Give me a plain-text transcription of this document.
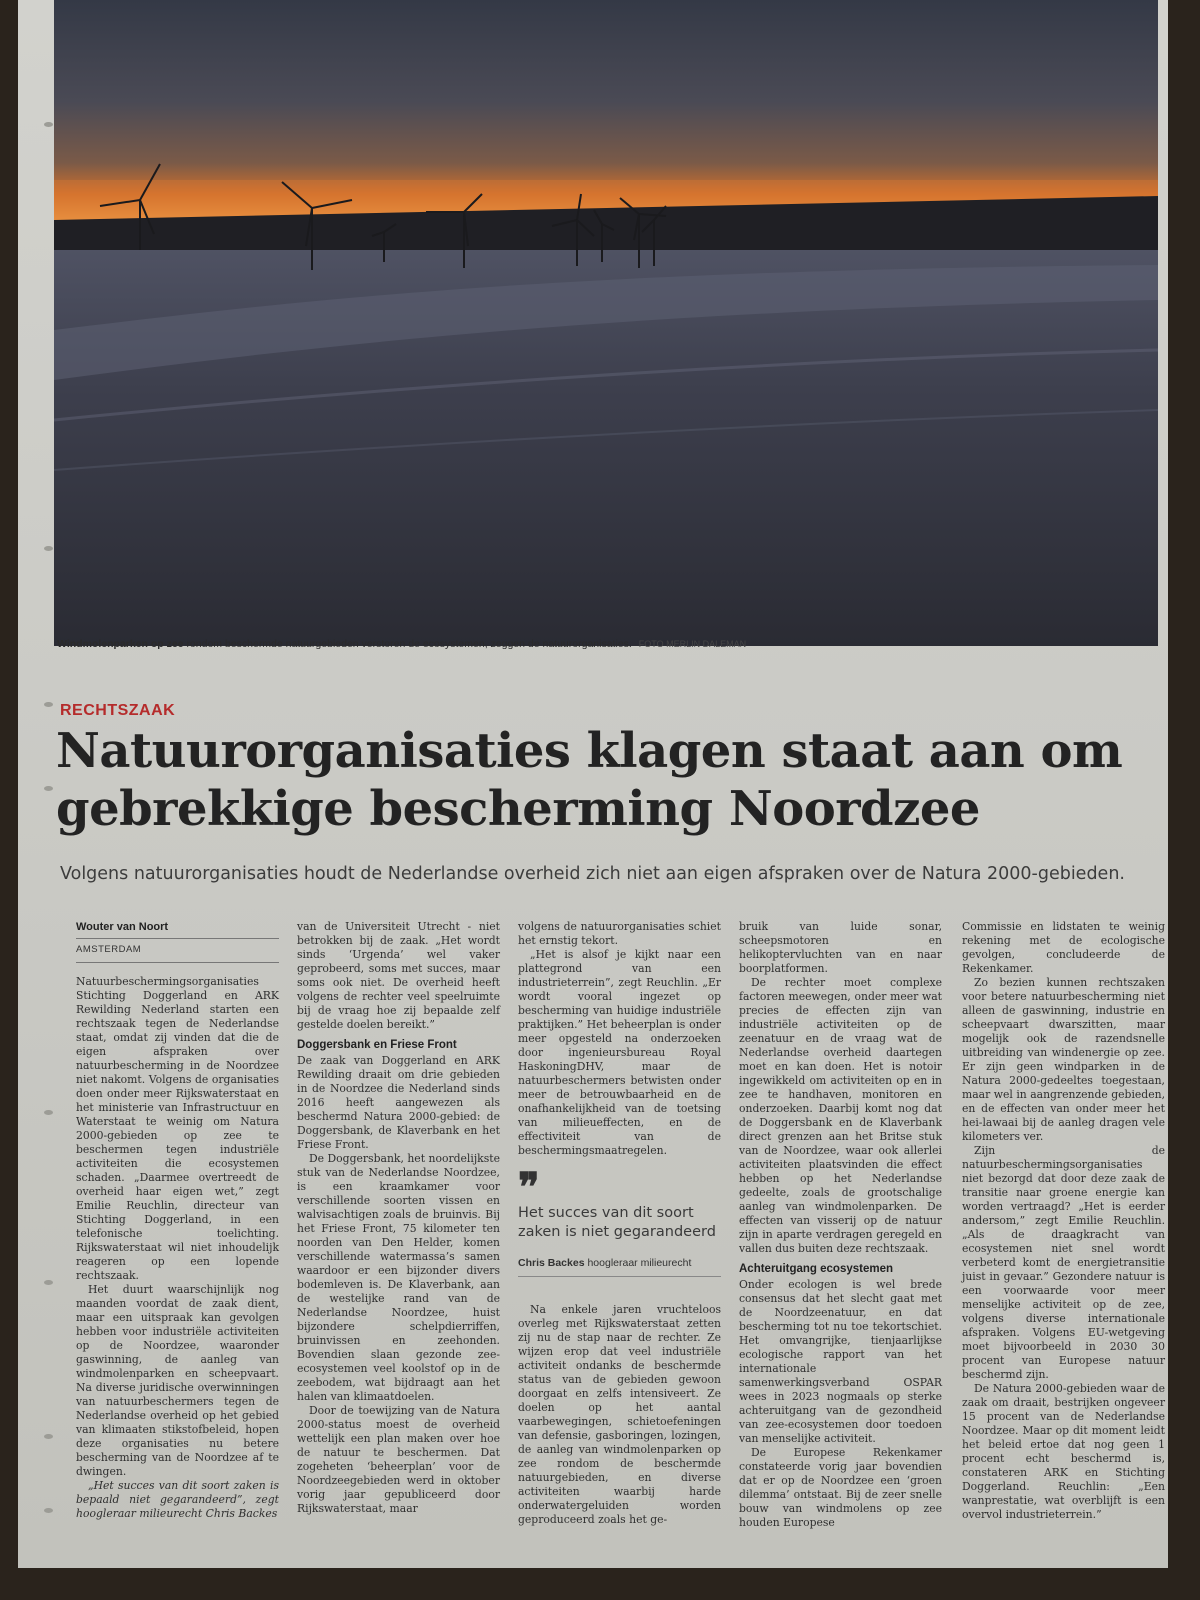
Windmolenparken op zee rondom beschermde natuurgebieden verstoren de ecosystemen, zeggen de natuurorganisaties. FOTO MERLIN DALEMAN
RECHTSZAAK
Natuurorganisaties klagen staat aan om gebrekkige bescherming Noordzee

Volgens natuurorganisaties houdt de Nederlandse overheid zich niet aan eigen afspraken over de Natura 2000-gebieden.

Wouter van Noort
AMSTERDAM

Natuurbeschermingsorganisaties Stichting Doggerland en ARK Rewilding Nederland starten een rechtszaak tegen de Nederlandse staat, omdat zij vinden dat die de eigen afspraken over natuurbescherming in de Noordzee niet nakomt. Volgens de organisaties doen onder meer Rijkswaterstaat en het ministerie van Infrastructuur en Waterstaat te weinig om Natura 2000-gebieden op zee te beschermen tegen industriële activiteiten die ecosystemen schaden. „Daarmee overtreedt de overheid haar eigen wet,” zegt Emilie Reuchlin, directeur van Stichting Doggerland, in een telefonische toelichting. Rijkswaterstaat wil niet inhoudelijk reageren op een lopende rechtszaak.

Het duurt waarschijnlijk nog maanden voordat de zaak dient, maar een uitspraak kan gevolgen hebben voor industriële activiteiten op de Noordzee, waaronder gaswinning, de aanleg van windmolenparken en scheepvaart. Na diverse juridische overwinningen van natuurbeschermers tegen de Nederlandse overheid op het gebied van klimaaten stikstofbeleid, hopen deze organisaties nu betere bescherming van de Noordzee af te dwingen.

„Het succes van dit soort zaken is bepaald niet gegarandeerd”, zegt hoogleraar milieurecht Chris Backes

van de Universiteit Utrecht - niet betrokken bij de zaak. „Het wordt sinds ‘Urgenda’ wel vaker geprobeerd, soms met succes, maar soms ook niet. De overheid heeft volgens de rechter veel speelruimte bij de vraag hoe zij bepaalde zelf gestelde doelen bereikt.”

Doggersbank en Friese Front

De zaak van Doggerland en ARK Rewilding draait om drie gebieden in de Noordzee die Nederland sinds 2016 heeft aangewezen als beschermd Natura 2000-gebied: de Doggersbank, de Klaverbank en het Friese Front.

De Doggersbank, het noordelijkste stuk van de Nederlandse Noordzee, is een kraamkamer voor verschillende soorten vissen en walvisachtigen zoals de bruinvis. Bij het Friese Front, 75 kilometer ten noorden van Den Helder, komen verschillende watermassa’s samen waardoor er een bijzonder divers bodemleven is. De Klaverbank, aan de westelijke rand van de Nederlandse Noordzee, huist bijzondere schelpdierriffen, bruinvissen en zeehonden. Bovendien slaan gezonde zee-ecosystemen veel koolstof op in de zeebodem, wat bijdraagt aan het halen van klimaatdoelen.

Door de toewijzing van de Natura 2000-status moest de overheid wettelijk een plan maken over hoe de natuur te beschermen. Dat zogeheten ‘beheerplan’ voor de Noordzeegebieden werd in oktober vorig jaar gepubliceerd door Rijkswaterstaat, maar

volgens de natuurorganisaties schiet het ernstig tekort.

„Het is alsof je kijkt naar een plattegrond van een industrieterrein”, zegt Reuchlin. „Er wordt vooral ingezet op bescherming van huidige industriële praktijken.” Het beheerplan is onder meer opgesteld na onderzoeken door ingenieursbureau Royal HaskoningDHV, maar de natuurbeschermers betwisten onder meer de betrouwbaarheid en de onafhankelijkheid van de toetsing van milieueffecten, en de effectiviteit van de beschermingsmaatregelen.

❞
Het succes van dit soort zaken is niet gegarandeerd
Chris Backes hoogleraar milieurecht

Na enkele jaren vruchteloos overleg met Rijkswaterstaat zetten zij nu de stap naar de rechter. Ze wijzen erop dat veel industriële activiteit ondanks de beschermde status van de gebieden gewoon doorgaat en zelfs intensiveert. Ze doelen op het aantal vaarbewegingen, schietoefeningen van defensie, gasboringen, lozingen, de aanleg van windmolenparken op zee rondom de beschermde natuurgebieden, en diverse activiteiten waarbij harde onderwatergeluiden worden geproduceerd zoals het ge-

bruik van luide sonar, scheepsmotoren en helikoptervluchten van en naar boorplatformen.

De rechter moet complexe factoren meewegen, onder meer wat precies de effecten zijn van industriële activiteiten op de zeenatuur en de vraag wat de Nederlandse overheid daartegen moet en kan doen. Het is notoir ingewikkeld om activiteiten op en in zee te handhaven, monitoren en onderzoeken. Daarbij komt nog dat de Doggersbank en de Klaverbank direct grenzen aan het Britse stuk van de Noordzee, waar ook allerlei activiteiten plaatsvinden die effect hebben op het Nederlandse gedeelte, zoals de grootschalige aanleg van windmolenparken. De effecten van visserij op de natuur zijn in aparte verdragen geregeld en vallen dus buiten deze rechtszaak.

Achteruitgang ecosystemen

Onder ecologen is wel brede consensus dat het slecht gaat met de Noordzeenatuur, en dat bescherming tot nu toe tekortschiet. Het omvangrijke, tienjaarlijkse ecologische rapport van het internationale samenwerkingsverband OSPAR wees in 2023 nogmaals op sterke achteruitgang van de gezondheid van zee-ecosystemen door toedoen van menselijke activiteit.

De Europese Rekenkamer constateerde vorig jaar bovendien dat er op de Noordzee een ‘groen dilemma’ ontstaat. Bij de zeer snelle bouw van windmolens op zee houden Europese

Commissie en lidstaten te weinig rekening met de ecologische gevolgen, concludeerde de Rekenkamer.

Zo bezien kunnen rechtszaken voor betere natuurbescherming niet alleen de gaswinning, industrie en scheepvaart dwarszitten, maar mogelijk ook de razendsnelle uitbreiding van windenergie op zee. Er zijn geen windparken in de Natura 2000-gedeeltes toegestaan, maar wel in aangrenzende gebieden, en de effecten van onder meer het hei-lawaai bij de aanleg dragen vele kilometers ver.

Zijn de natuurbeschermingsorganisaties niet bezorgd dat door deze zaak de transitie naar groene energie kan worden vertraagd? „Het is eerder andersom,” zegt Emilie Reuchlin. „Als de draagkracht van ecosystemen niet snel wordt verbeterd komt de energietransitie juist in gevaar.” Gezondere natuur is een voorwaarde voor meer menselijke activiteit op de zee, volgens diverse internationale afspraken. Volgens EU-wetgeving moet bijvoorbeeld in 2030 30 procent van Europese natuur beschermd zijn.

De Natura 2000-gebieden waar de zaak om draait, bestrijken ongeveer 15 procent van de Nederlandse Noordzee. Maar op dit moment leidt het beleid ertoe dat nog geen 1 procent echt beschermd is, constateren ARK en Stichting Doggerland. Reuchlin: „Een wanprestatie, wat overblijft is een overvol industrieterrein.”
